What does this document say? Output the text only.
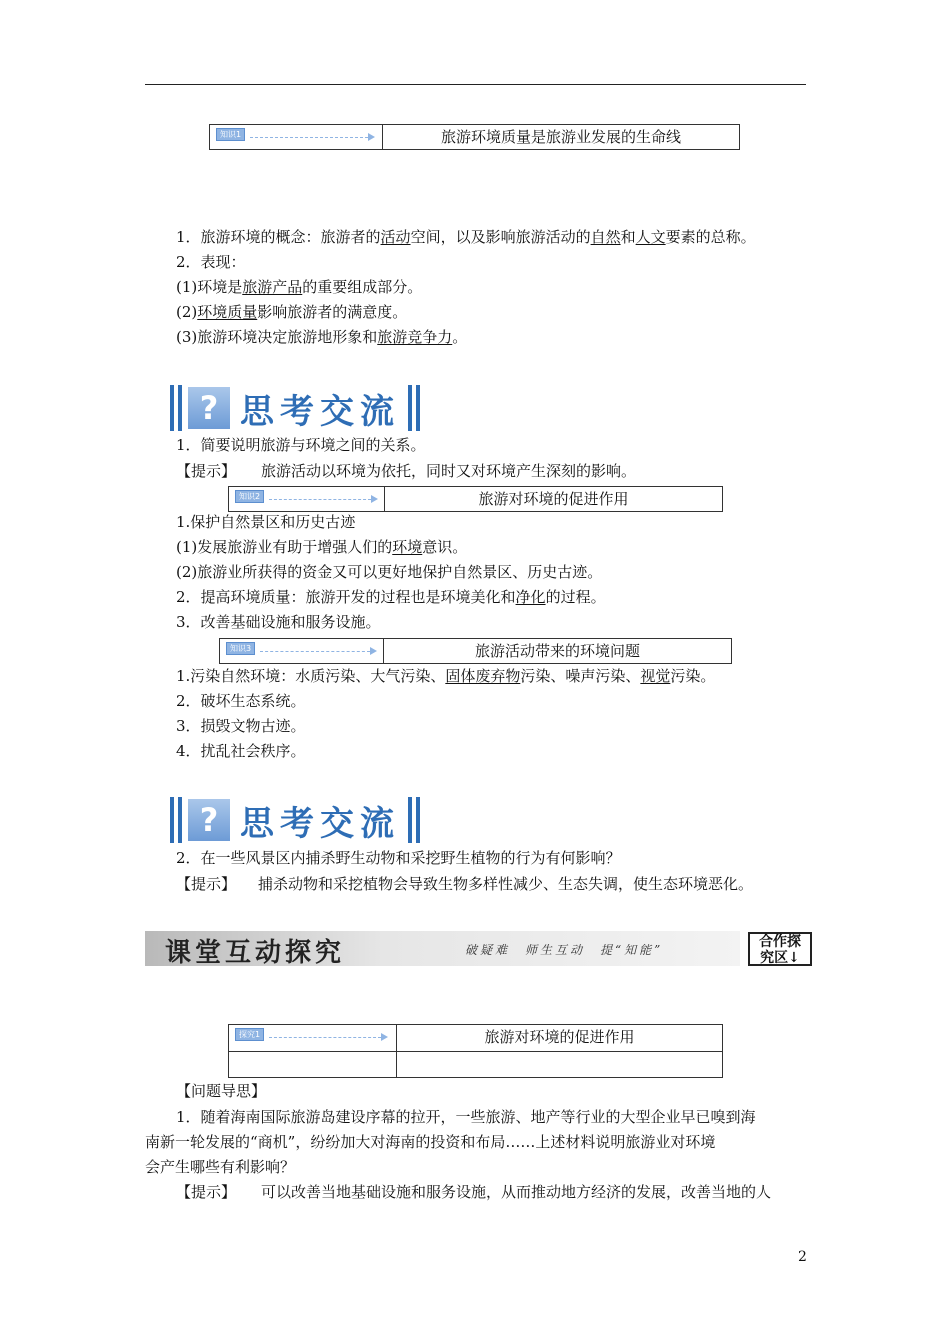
知识1	旅游环境质量是旅游业发展的生命线
1．旅游环境的概念：旅游者的活动空间，以及影响旅游活动的自然和人文要素的总称。
2．表现：
(1)环境是旅游产品的重要组成部分。
(2)环境质量影响旅游者的满意度。
(3)旅游环境决定旅游地形象和旅游竞争力。
? 思考交流
1．简要说明旅游与环境之间的关系。
【提示】 旅游活动以环境为依托，同时又对环境产生深刻的影响。
知识2	旅游对环境的促进作用
1.保护自然景区和历史古迹
(1)发展旅游业有助于增强人们的环境意识。
(2)旅游业所获得的资金又可以更好地保护自然景区、历史古迹。
2．提高环境质量：旅游开发的过程也是环境美化和净化的过程。
3．改善基础设施和服务设施。
知识3	旅游活动带来的环境问题
1.污染自然环境：水质污染、大气污染、固体废弃物污染、噪声污染、视觉污染。
2．破坏生态系统。
3．损毁文物古迹。
4．扰乱社会秩序。
? 思考交流
2．在一些风景区内捕杀野生动物和采挖野生植物的行为有何影响？
【提示】 捕杀动物和采挖植物会导致生物多样性减少、生态失调，使生态环境恶化。
课堂互动探究	破疑难　师生互动　提“知能”	合作探
究区↓
探究1	旅游对环境的促进作用
【问题导思】
1．随着海南国际旅游岛建设序幕的拉开，一些旅游、地产等行业的大型企业早已嗅到海
南新一轮发展的“商机”，纷纷加大对海南的投资和布局……上述材料说明旅游业对环境
会产生哪些有利影响？
【提示】 可以改善当地基础设施和服务设施，从而推动地方经济的发展，改善当地的人
2
